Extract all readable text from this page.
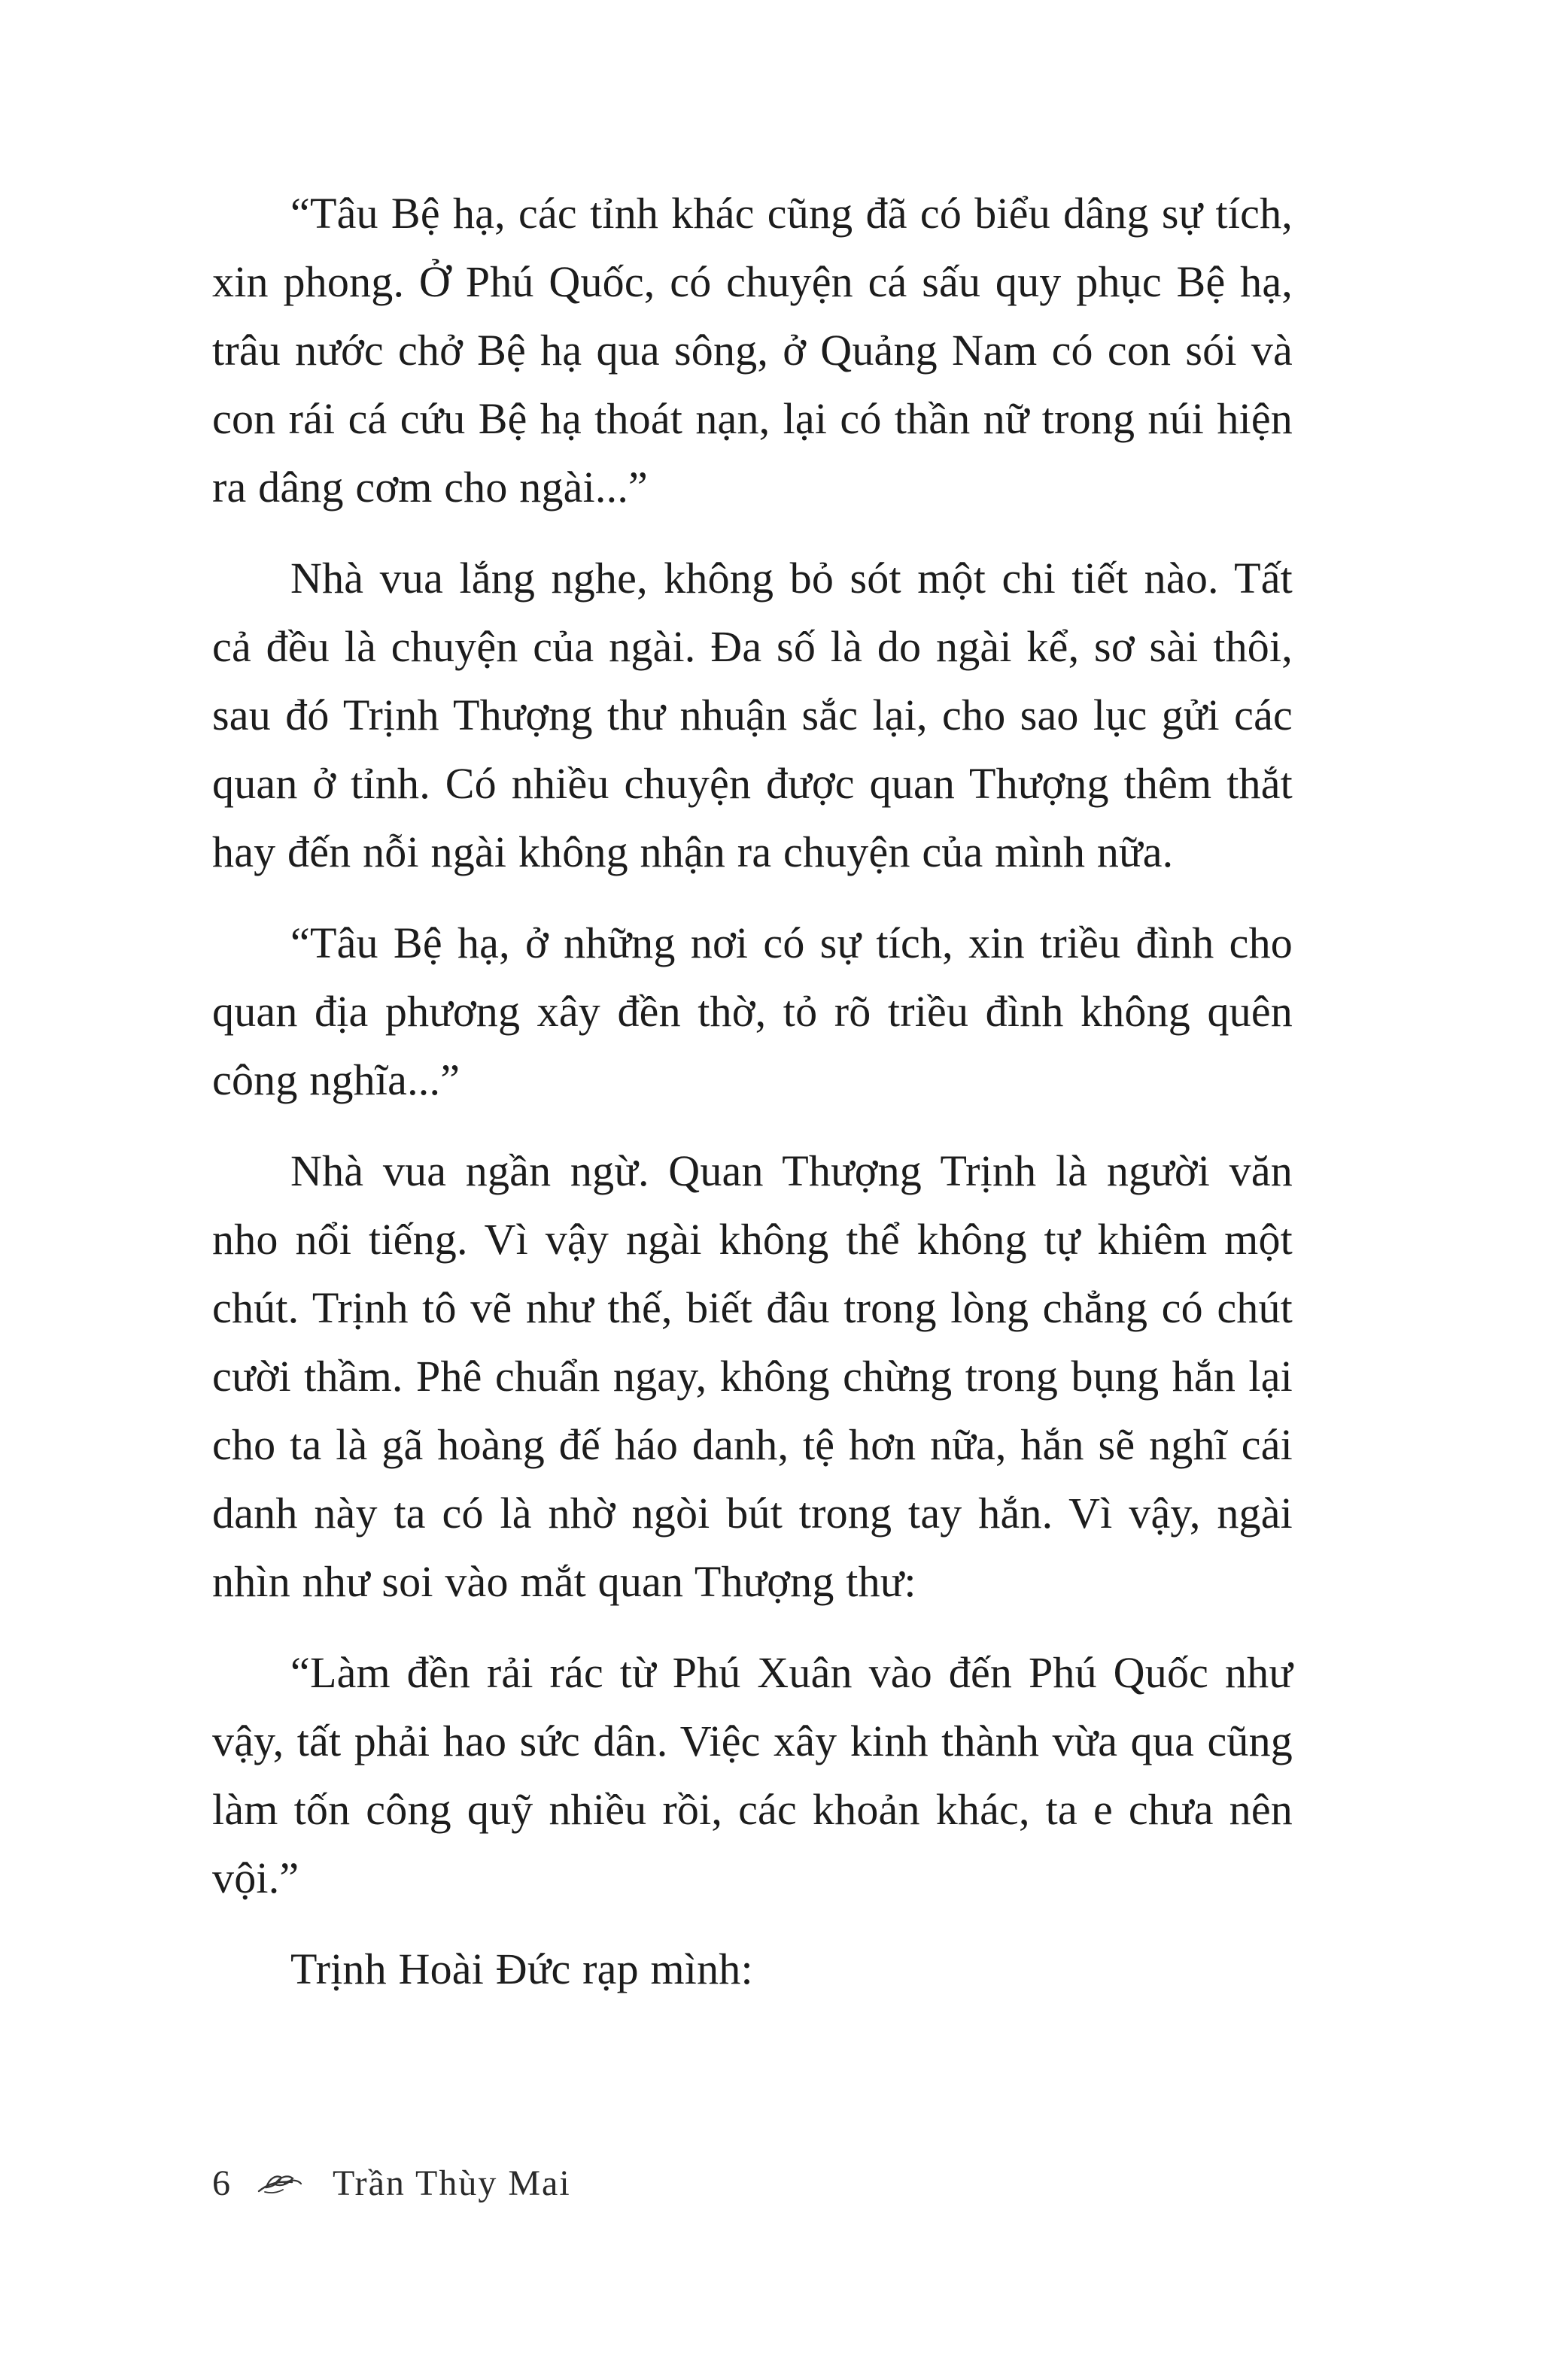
“Tâu Bệ hạ, các tỉnh khác cũng đã có biểu dâng sự tích, xin phong. Ở Phú Quốc, có chuyện cá sấu quy phục Bệ hạ, trâu nước chở Bệ hạ qua sông, ở Quảng Nam có con sói và con rái cá cứu Bệ hạ thoát nạn, lại có thần nữ trong núi hiện ra dâng cơm cho ngài...”

Nhà vua lắng nghe, không bỏ sót một chi tiết nào. Tất cả đều là chuyện của ngài. Đa số là do ngài kể, sơ sài thôi, sau đó Trịnh Thượng thư nhuận sắc lại, cho sao lục gửi các quan ở tỉnh. Có nhiều chuyện được quan Thượng thêm thắt hay đến nỗi ngài không nhận ra chuyện của mình nữa.

“Tâu Bệ hạ, ở những nơi có sự tích, xin triều đình cho quan địa phương xây đền thờ, tỏ rõ triều đình không quên công nghĩa...”

Nhà vua ngần ngừ. Quan Thượng Trịnh là người văn nho nổi tiếng. Vì vậy ngài không thể không tự khiêm một chút. Trịnh tô vẽ như thế, biết đâu trong lòng chẳng có chút cười thầm. Phê chuẩn ngay, không chừng trong bụng hắn lại cho ta là gã hoàng đế háo danh, tệ hơn nữa, hắn sẽ nghĩ cái danh này ta có là nhờ ngòi bút trong tay hắn. Vì vậy, ngài nhìn như soi vào mắt quan Thượng thư:

“Làm đền rải rác từ Phú Xuân vào đến Phú Quốc như vậy, tất phải hao sức dân. Việc xây kinh thành vừa qua cũng làm tốn công quỹ nhiều rồi, các khoản khác, ta e chưa nên vội.”

Trịnh Hoài Đức rạp mình:

6	Trần Thùy Mai
